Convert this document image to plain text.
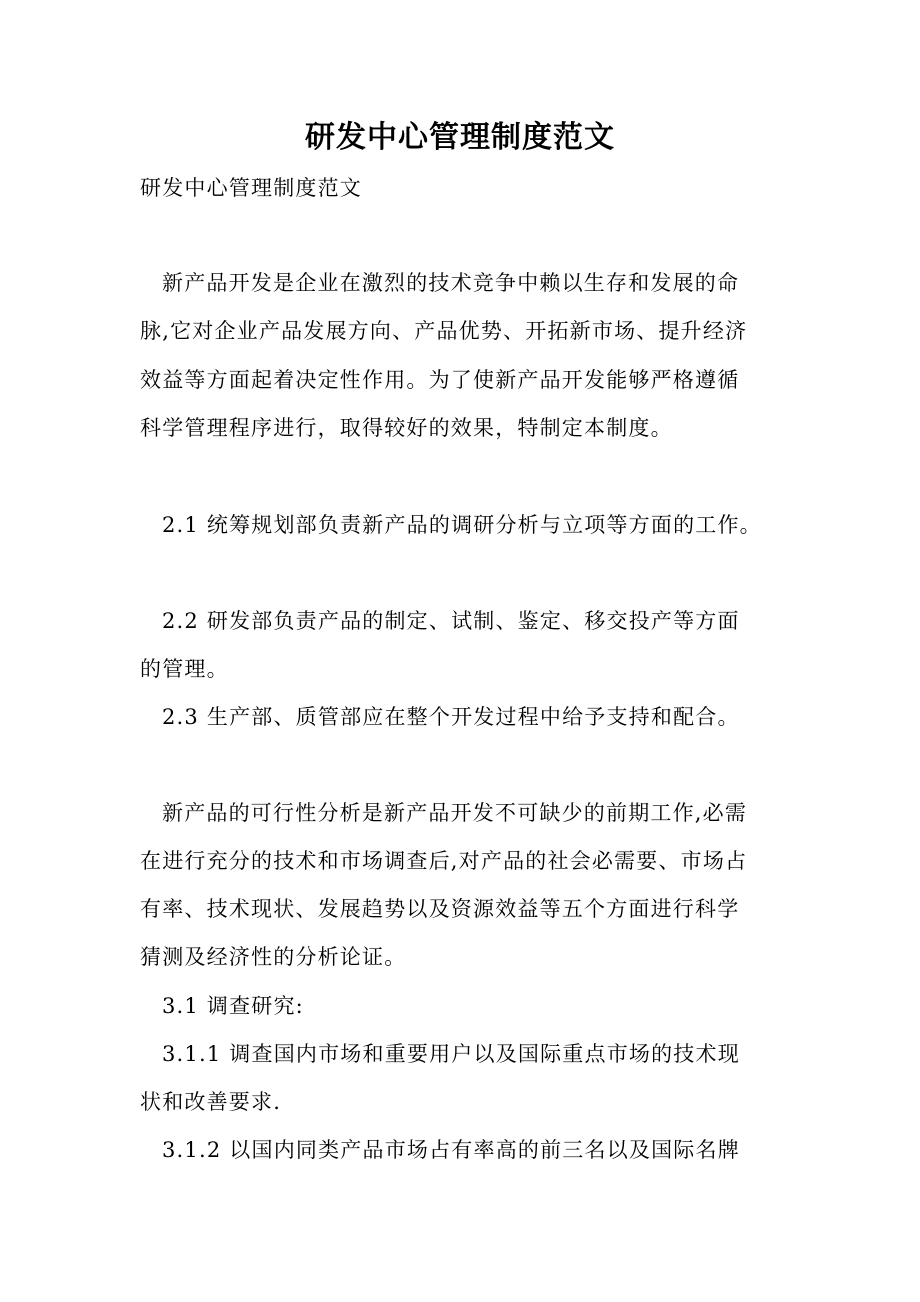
研发中心管理制度范文

研发中心管理制度范文

新产品开发是企业在激烈的技术竞争中赖以生存和发展的命

脉,它对企业产品发展方向、产品优势、开拓新市场、提升经济

效益等方面起着决定性作用。为了使新产品开发能够严格遵循

科学管理程序进行，取得较好的效果，特制定本制度。

2.1 统筹规划部负责新产品的调研分析与立项等方面的工作。

2.2 研发部负责产品的制定、试制、鉴定、移交投产等方面

的管理。

2.3 生产部、质管部应在整个开发过程中给予支持和配合。

新产品的可行性分析是新产品开发不可缺少的前期工作,必需

在进行充分的技术和市场调查后,对产品的社会必需要、市场占

有率、技术现状、发展趋势以及资源效益等五个方面进行科学

猜测及经济性的分析论证。

3.1 调查研究:

3.1.1 调查国内市场和重要用户以及国际重点市场的技术现

状和改善要求.

3.1.2 以国内同类产品市场占有率高的前三名以及国际名牌
